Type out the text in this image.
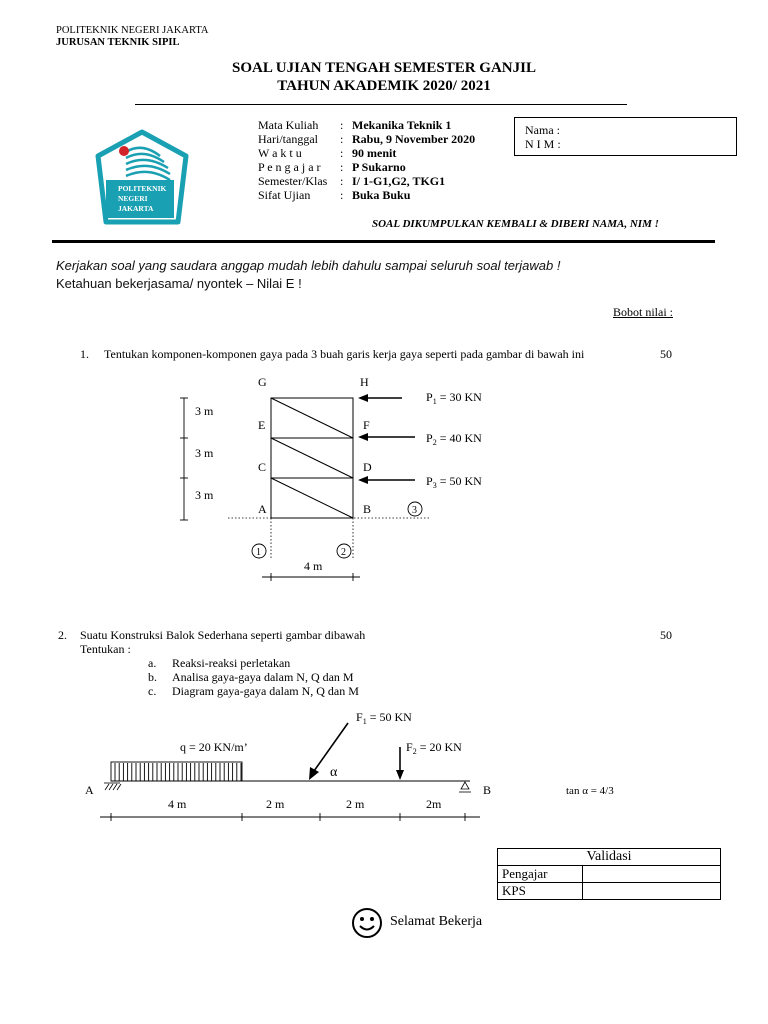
POLITEKNIK NEGERI JAKARTA
JURUSAN TEKNIK SIPIL
SOAL UJIAN TENGAH SEMESTER GANJIL
TAHUN AKADEMIK 2020/ 2021
POLITEKNIK
NEGERI
JAKARTA
Mata Kuliah : Mekanika Teknik 1
Hari/tanggal : Rabu, 9 November 2020
W a k t u	: 90 menit
P e n g a j a r : P Sukarno
Semester/Klas : I/ 1-G1,G2, TKG1
Sifat Ujian : Buka Buku
Nama :
N I M :
SOAL DIKUMPULKAN KEMBALI & DIBERI NAMA, NIM !
Kerjakan soal yang saudara anggap mudah lebih dahulu sampai seluruh soal terjawab !
Ketahuan bekerjasama/ nyontek – Nilai E !
Bobot nilai :
1. Tentukan komponen-komponen gaya pada 3 buah garis kerja gaya seperti pada gambar di bawah ini	50
G	H
E	F
C	D
A	B
3 m
3 m
3 m
1	2
3
4 m
$P_1 = 30$ KN
$P_2 = 40$ KN
$P_3 = 50$ KN
2. Suatu Konstruksi Balok Sederhana seperti gambar dibawah	50
Tentukan :
a. Reaksi-reaksi perletakan
b. Analisa gaya-gaya dalam N, Q dan M
c. Diagram gaya-gaya dalam N, Q dan M
$F_1 = 50$ KN
α
$F_2 = 20$ KN
q = 20 KN/m’
A	B	tan α = 4/3
4 m	2 m	2 m	2m
Validasi	
Pengajar	
KPS	
Selamat Bekerja
